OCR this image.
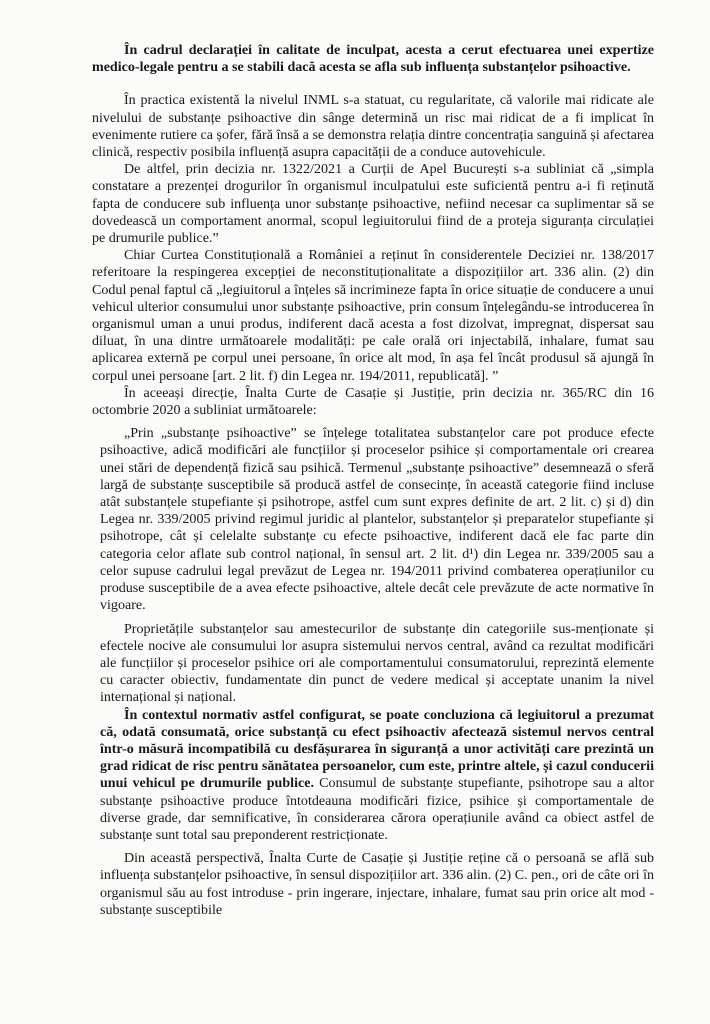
În cadrul declarației în calitate de inculpat, acesta a cerut efectuarea unei expertize medico-legale pentru a se stabili dacă acesta se afla sub influența substanțelor psihoactive.

În practica existentă la nivelul INML s-a statuat, cu regularitate, că valorile mai ridicate ale nivelului de substanțe psihoactive din sânge determină un risc mai ridicat de a fi implicat în evenimente rutiere ca șofer, fără însă a se demonstra relația dintre concentrația sanguină și afectarea clinică, respectiv posibila influență asupra capacității de a conduce autovehicule.

De altfel, prin decizia nr. 1322/2021 a Curții de Apel București s-a subliniat că „simpla constatare a prezenței drogurilor în organismul inculpatului este suficientă pentru a-i fi reținută fapta de conducere sub influența unor substanțe psihoactive, nefiind necesar ca suplimentar să se dovedească un comportament anormal, scopul legiuitorului fiind de a proteja siguranța circulației pe drumurile publice.”

Chiar Curtea Constituțională a României a reținut în considerentele Deciziei nr. 138/2017 referitoare la respingerea excepției de neconstituționalitate a dispozițiilor art. 336 alin. (2) din Codul penal faptul că „legiuitorul a înțeles să incrimineze fapta în orice situație de conducere a unui vehicul ulterior consumului unor substanțe psihoactive, prin consum înțelegându-se introducerea în organismul uman a unui produs, indiferent dacă acesta a fost dizolvat, impregnat, dispersat sau diluat, în una dintre următoarele modalități: pe cale orală ori injectabilă, inhalare, fumat sau aplicarea externă pe corpul unei persoane, în orice alt mod, în așa fel încât produsul să ajungă în corpul unei persoane [art. 2 lit. f) din Legea nr. 194/2011, republicată]. ”

În aceeași direcție, Înalta Curte de Casație și Justiție, prin decizia nr. 365/RC din 16 octombrie 2020 a subliniat următoarele:

„Prin „substanțe psihoactive” se înțelege totalitatea substanțelor care pot produce efecte psihoactive, adică modificări ale funcțiilor și proceselor psihice și comportamentale ori crearea unei stări de dependență fizică sau psihică. Termenul „substanțe psihoactive” desemnează o sferă largă de substanțe susceptibile să producă astfel de consecințe, în această categorie fiind incluse atât substanțele stupefiante și psihotrope, astfel cum sunt expres definite de art. 2 lit. c) și d) din Legea nr. 339/2005 privind regimul juridic al plantelor, substanțelor și preparatelor stupefiante și psihotrope, cât și celelalte substanțe cu efecte psihoactive, indiferent dacă ele fac parte din categoria celor aflate sub control național, în sensul art. 2 lit. d¹) din Legea nr. 339/2005 sau a celor supuse cadrului legal prevăzut de Legea nr. 194/2011 privind combaterea operațiunilor cu produse susceptibile de a avea efecte psihoactive, altele decât cele prevăzute de acte normative în vigoare.

Proprietățile substanțelor sau amestecurilor de substanțe din categoriile sus-menționate și efectele nocive ale consumului lor asupra sistemului nervos central, având ca rezultat modificări ale funcțiilor și proceselor psihice ori ale comportamentului consumatorului, reprezintă elemente cu caracter obiectiv, fundamentate din punct de vedere medical și acceptate unanim la nivel internațional și național.

În contextul normativ astfel configurat, se poate concluziona că legiuitorul a prezumat că, odată consumată, orice substanță cu efect psihoactiv afectează sistemul nervos central într-o măsură incompatibilă cu desfășurarea în siguranță a unor activități care prezintă un grad ridicat de risc pentru sănătatea persoanelor, cum este, printre altele, și cazul conducerii unui vehicul pe drumurile publice. Consumul de substanțe stupefiante, psihotrope sau a altor substanțe psihoactive produce întotdeauna modificări fizice, psihice și comportamentale de diverse grade, dar semnificative, în considerarea cărora operațiunile având ca obiect astfel de substanțe sunt total sau preponderent restricționate.

Din această perspectivă, Înalta Curte de Casație și Justiție reține că o persoană se află sub influența substanțelor psihoactive, în sensul dispozițiilor art. 336 alin. (2) C. pen., ori de câte ori în organismul său au fost introduse - prin ingerare, injectare, inhalare, fumat sau prin orice alt mod - substanțe susceptibile
